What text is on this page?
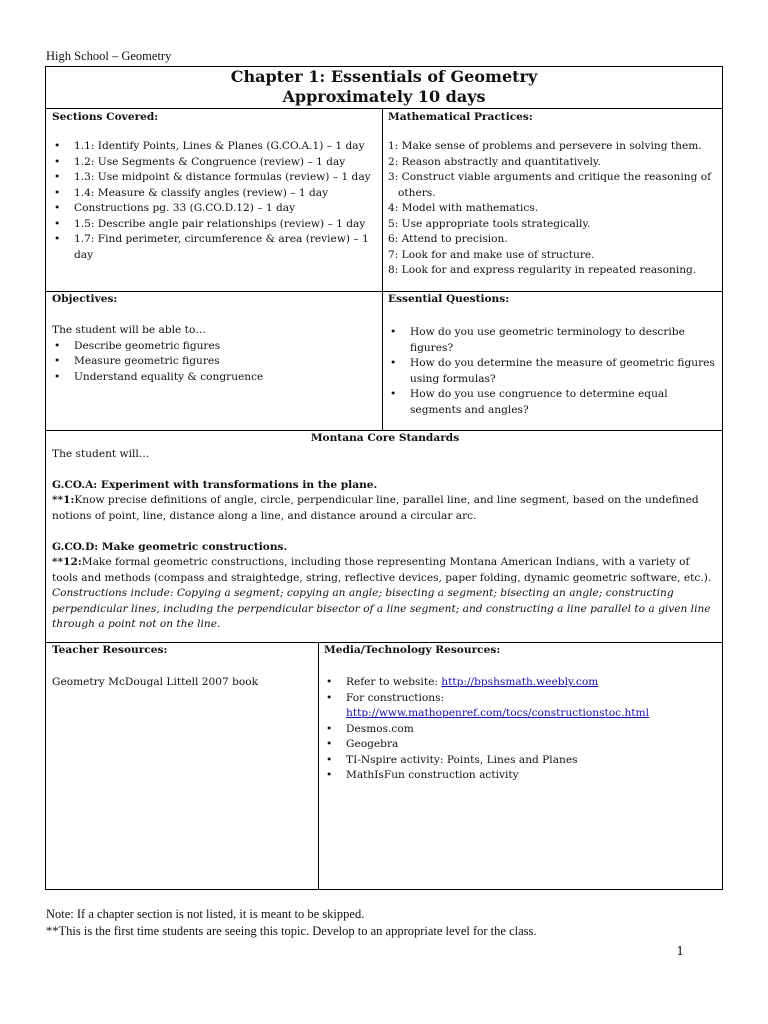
High School – Geometry
Chapter 1: Essentials of Geometry
Approximately 10 days
Sections Covered:
• 1.1: Identify Points, Lines & Planes (G.CO.A.1) – 1 day
• 1.2: Use Segments & Congruence (review) – 1 day
• 1.3: Use midpoint & distance formulas (review) – 1 day
• 1.4: Measure & classify angles (review) – 1 day
• Constructions pg. 33 (G.CO.D.12) – 1 day
• 1.5: Describe angle pair relationships (review) – 1 day
• 1.7: Find perimeter, circumference & area (review) – 1 day
Mathematical Practices:
1: Make sense of problems and persevere in solving them.
2: Reason abstractly and quantitatively.
3: Construct viable arguments and critique the reasoning of others.
4: Model with mathematics.
5: Use appropriate tools strategically.
6: Attend to precision.
7: Look for and make use of structure.
8: Look for and express regularity in repeated reasoning.
Objectives:
The student will be able to…
• Describe geometric figures
• Measure geometric figures
• Understand equality & congruence
Essential Questions:
• How do you use geometric terminology to describe figures?
• How do you determine the measure of geometric figures using formulas?
• How do you use congruence to determine equal segments and angles?
Montana Core Standards
The student will…
G.CO.A: Experiment with transformations in the plane.
**1:Know precise definitions of angle, circle, perpendicular line, parallel line, and line segment, based on the undefined notions of point, line, distance along a line, and distance around a circular arc.
G.CO.D: Make geometric constructions.
**12:Make formal geometric constructions, including those representing Montana American Indians, with a variety of tools and methods (compass and straightedge, string, reflective devices, paper folding, dynamic geometric software, etc.).
Constructions include: Copying a segment; copying an angle; bisecting a segment; bisecting an angle; constructing perpendicular lines, including the perpendicular bisector of a line segment; and constructing a line parallel to a given line through a point not on the line.
Teacher Resources:
Geometry McDougal Littell 2007 book
Media/Technology Resources:
• Refer to website: http://bpshsmath.weebly.com
• For constructions:
http://www.mathopenref.com/tocs/constructionstoc.html
• Desmos.com
• Geogebra
• TI-Nspire activity: Points, Lines and Planes
• MathIsFun construction activity
Note: If a chapter section is not listed, it is meant to be skipped.
**This is the first time students are seeing this topic. Develop to an appropriate level for the class.
1
